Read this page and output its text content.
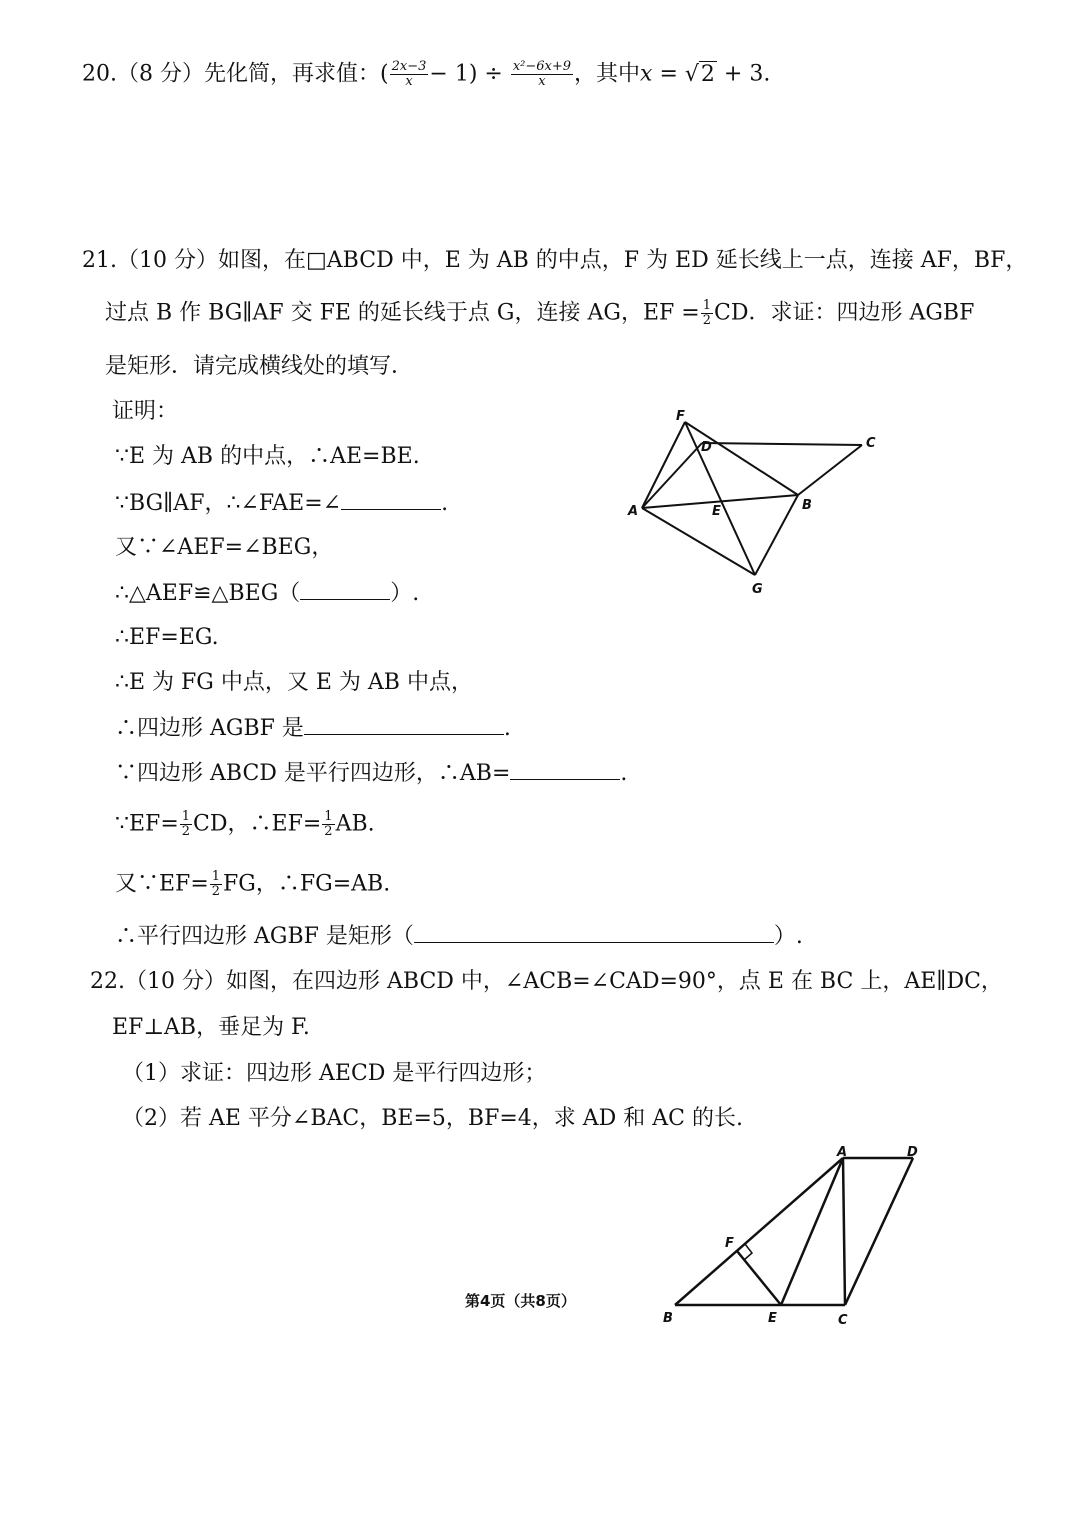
20.（8 分）先化简，再求值：( $\frac{2x-3}{x} - 1) \div \frac{\text{x²−6x+9}}{x}$ ，其中x = √2 + 3.
21.（10 分）如图，在□ABCD 中，E 为 AB 的中点，F 为 ED 延长线上一点，连接 AF，BF，
过点 B 作 BG∥AF 交 FE 的延长线于点 G，连接 AG，EF = $\frac{1}{2}$ CD．求证：四边形 AGBF
是矩形．请完成横线处的填写．
证明：
∵E 为 AB 的中点，∴AE=BE.
∵BG∥AF，∴∠FAE=∠	.
又∵∠AEF=∠BEG，
∴△AEF≌△BEG（	）.
∴EF=EG.
∴E 为 FG 中点，又 E 为 AB 中点，
∴四边形 AGBF 是	.
∵四边形 ABCD 是平行四边形，∴AB=	.
∵EF= $\frac{1}{2}$ CD，∴EF= $\frac{1}{2}$ AB.
又∵EF= $\frac{1}{2}$ FG，∴FG=AB.
∴平行四边形 AGBF 是矩形（	）.
F
D	C
A	E	B
G
22.（10 分）如图，在四边形 ABCD 中，∠ACB=∠CAD=90°，点 E 在 BC 上，AE∥DC，
EF⊥AB，垂足为 F.
（1）求证：四边形 AECD 是平行四边形；
（2）若 AE 平分∠BAC，BE=5，BF=4，求 AD 和 AC 的长.
A	D
F
B	E	C
第4页（共8页）
